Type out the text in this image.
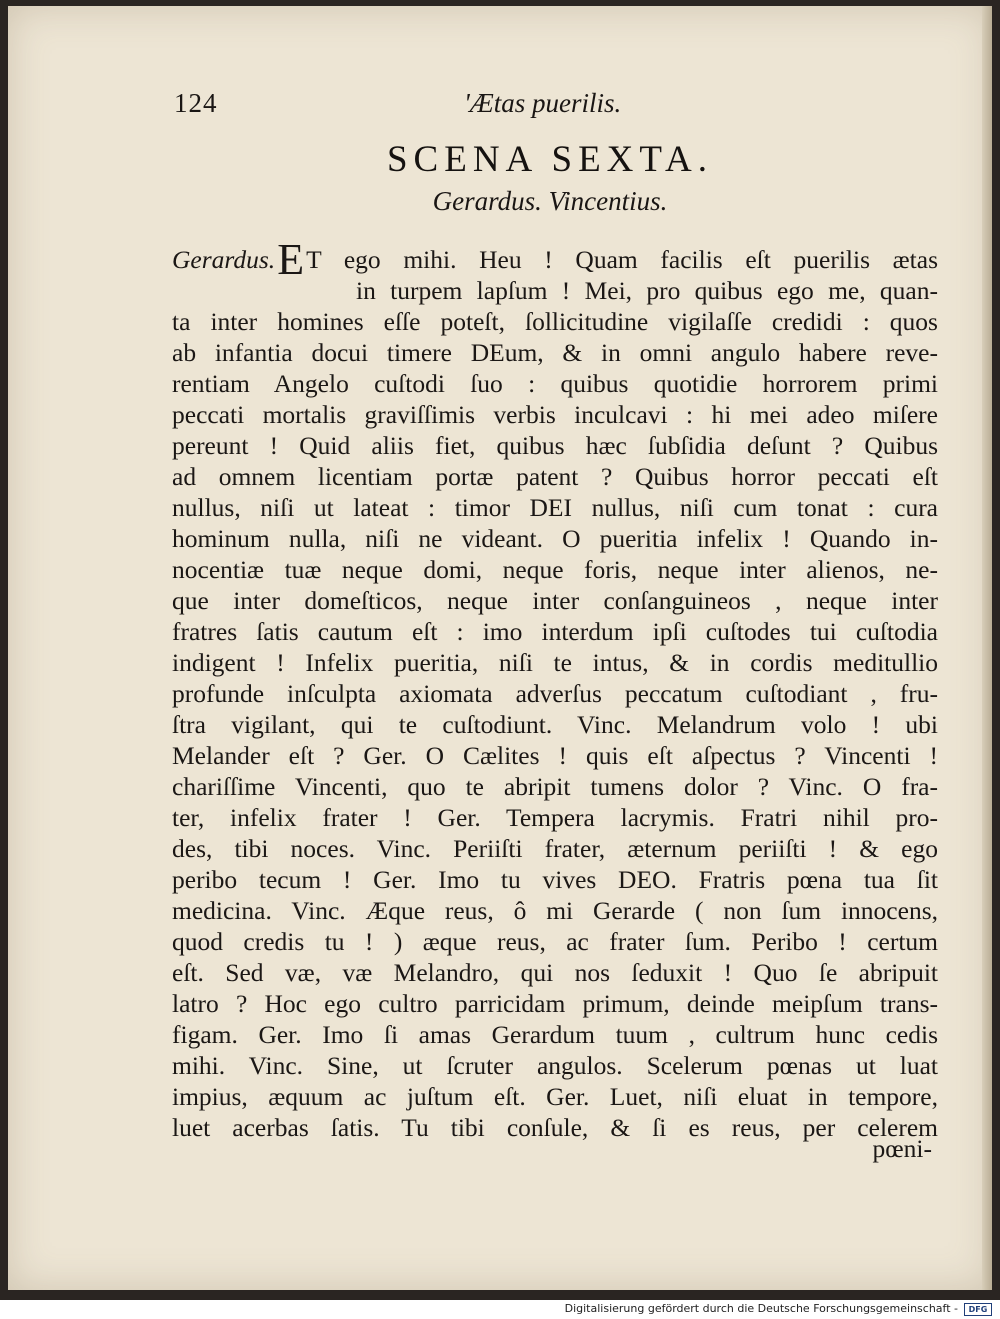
124	'Ætas puerilis.
SCENA SEXTA.
Gerardus. Vincentius.
Gerardus.ET ego mihi. Heu ! Quam facilis eſt puerilis ætas
in turpem lapſum ! Mei, pro quibus ego me, quan-
ta inter homines eſſe poteſt, ſollicitudine vigilaſſe credidi : quos
ab infantia docui timere DEum, & in omni angulo habere reve-
rentiam Angelo cuſtodi ſuo : quibus quotidie horrorem primi
peccati mortalis graviſſimis verbis inculcavi : hi mei adeo miſere
pereunt ! Quid aliis fiet, quibus hæc ſubſidia deſunt ? Quibus
ad omnem licentiam portæ patent ? Quibus horror peccati eſt
nullus, niſi ut lateat : timor DEI nullus, niſi cum tonat : cura
hominum nulla, niſi ne videant. O pueritia infelix ! Quando in-
nocentiæ tuæ neque domi, neque foris, neque inter alienos, ne-
que inter domeſticos, neque inter conſanguineos , neque inter
fratres ſatis cautum eſt : imo interdum ipſi cuſtodes tui cuſtodia
indigent ! Infelix pueritia, niſi te intus, & in cordis meditullio
profunde inſculpta axiomata adverſus peccatum cuſtodiant , fru-
ſtra vigilant, qui te cuſtodiunt. Vinc. Melandrum volo ! ubi
Melander eſt ? Ger. O Cælites ! quis eſt aſpectus ? Vincenti !
chariſſime Vincenti, quo te abripit tumens dolor ? Vinc. O fra-
ter, infelix frater ! Ger. Tempera lacrymis. Fratri nihil pro-
des, tibi noces. Vinc. Periiſti frater, æternum periiſti ! & ego
peribo tecum ! Ger. Imo tu vives DEO. Fratris pœna tua ſit
medicina. Vinc. Æque reus, ô mi Gerarde ( non ſum innocens,
quod credis tu ! ) æque reus, ac frater ſum. Peribo ! certum
eſt. Sed væ, væ Melandro, qui nos ſeduxit ! Quo ſe abripuit
latro ? Hoc ego cultro parricidam primum, deinde meipſum trans-
figam. Ger. Imo ſi amas Gerardum tuum , cultrum hunc cedis
mihi. Vinc. Sine, ut ſcruter angulos. Scelerum pœnas ut luat
impius, æquum ac juſtum eſt. Ger. Luet, niſi eluat in tempore,
luet acerbas ſatis. Tu tibi conſule, & ſi es reus, per celerem
pœni-
Digitalisierung gefördert durch die Deutsche Forschungsgemeinschaft -	DFG
